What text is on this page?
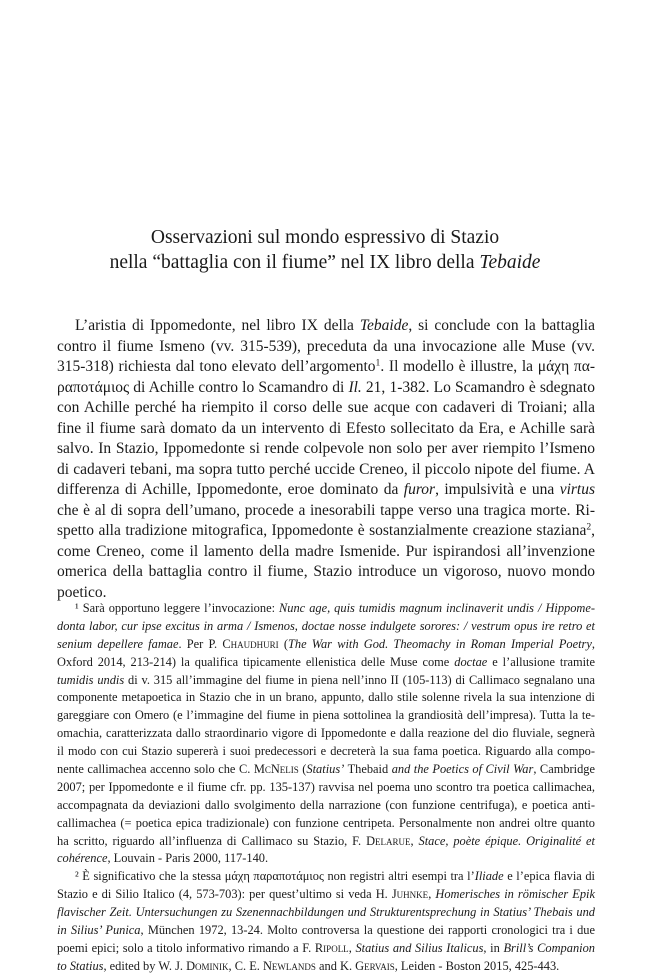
Osservazioni sul mondo espressivo di Stazio
nella “battaglia con il fiume” nel IX libro della Tebaide
L’aristia di Ippomedonte, nel libro IX della Tebaide, si conclude con la battaglia
contro il fiume Ismeno (vv. 315-539), preceduta da una invocazione alle Muse (vv.
315-318) richiesta dal tono elevato dell’argomento$^1$. Il modello è illustre, la μάχη πα-
ραποτάμιος di Achille contro lo Scamandro di Il. 21, 1-382. Lo Scamandro è sdegnato
con Achille perché ha riempito il corso delle sue acque con cadaveri di Troiani; alla
fine il fiume sarà domato da un intervento di Efesto sollecitato da Era, e Achille sarà
salvo. In Stazio, Ippomedonte si rende colpevole non solo per aver riempito l’Ismeno
di cadaveri tebani, ma sopra tutto perché uccide Creneo, il piccolo nipote del fiume. A
differenza di Achille, Ippomedonte, eroe dominato da furor, impulsività e una virtus
che è al di sopra dell’umano, procede a inesorabili tappe verso una tragica morte. Ri-
spetto alla tradizione mitografica, Ippomedonte è sostanzialmente creazione staziana$^2$,
come Creneo, come il lamento della madre Ismenide. Pur ispirandosi all’invenzione
omerica della battaglia contro il fiume, Stazio introduce un vigoroso, nuovo mondo
poetico.
¹ Sarà opportuno leggere l’invocazione: Nunc age, quis tumidis magnum inclinaverit undis / Hippome-
donta labor, cur ipse excitus in arma / Ismenos, doctae nosse indulgete sorores: / vestrum opus ire retro et
senium depellere famae. Per P. Chaudhuri (The War with God. Theomachy in Roman Imperial Poetry,
Oxford 2014, 213-214) la qualifica tipicamente ellenistica delle Muse come doctae e l’allusione tramite
tumidis undis di v. 315 all’immagine del fiume in piena nell’inno II (105-113) di Callimaco segnalano una
componente metapoetica in Stazio che in un brano, appunto, dallo stile solenne rivela la sua intenzione di
gareggiare con Omero (e l’immagine del fiume in piena sottolinea la grandiosità dell’impresa). Tutta la te-
omachia, caratterizzata dallo straordinario vigore di Ippomedonte e dalla reazione del dio fluviale, segnerà
il modo con cui Stazio supererà i suoi predecessori e decreterà la sua fama poetica. Riguardo alla compo-
nente callimachea accenno solo che C. McNelis (Statius’ Thebaid and the Poetics of Civil War, Cambridge
2007; per Ippomedonte e il fiume cfr. pp. 135-137) ravvisa nel poema uno scontro tra poetica callimachea,
accompagnata da deviazioni dallo svolgimento della narrazione (con funzione centrifuga), e poetica anti-
callimachea (= poetica epica tradizionale) con funzione centripeta. Personalmente non andrei oltre quanto
ha scritto, riguardo all’influenza di Callimaco su Stazio, F. Delarue, Stace, poète épique. Originalité et
cohérence, Louvain - Paris 2000, 117-140.
² È significativo che la stessa μάχη παραποτάμιος non registri altri esempi tra l’Iliade e l’epica flavia di
Stazio e di Silio Italico (4, 573-703): per quest’ultimo si veda H. Juhnke, Homerisches in römischer Epik
flavischer Zeit. Untersuchungen zu Szenennachbildungen und Strukturentsprechung in Statius’ Thebais und
in Silius’ Punica, München 1972, 13-24. Molto controversa la questione dei rapporti cronologici tra i due
poemi epici; solo a titolo informativo rimando a F. Ripoll, Statius and Silius Italicus, in Brill’s Companion
to Statius, edited by W. J. Dominik, C. E. Newlands and K. Gervais, Leiden - Boston 2015, 425-443.
